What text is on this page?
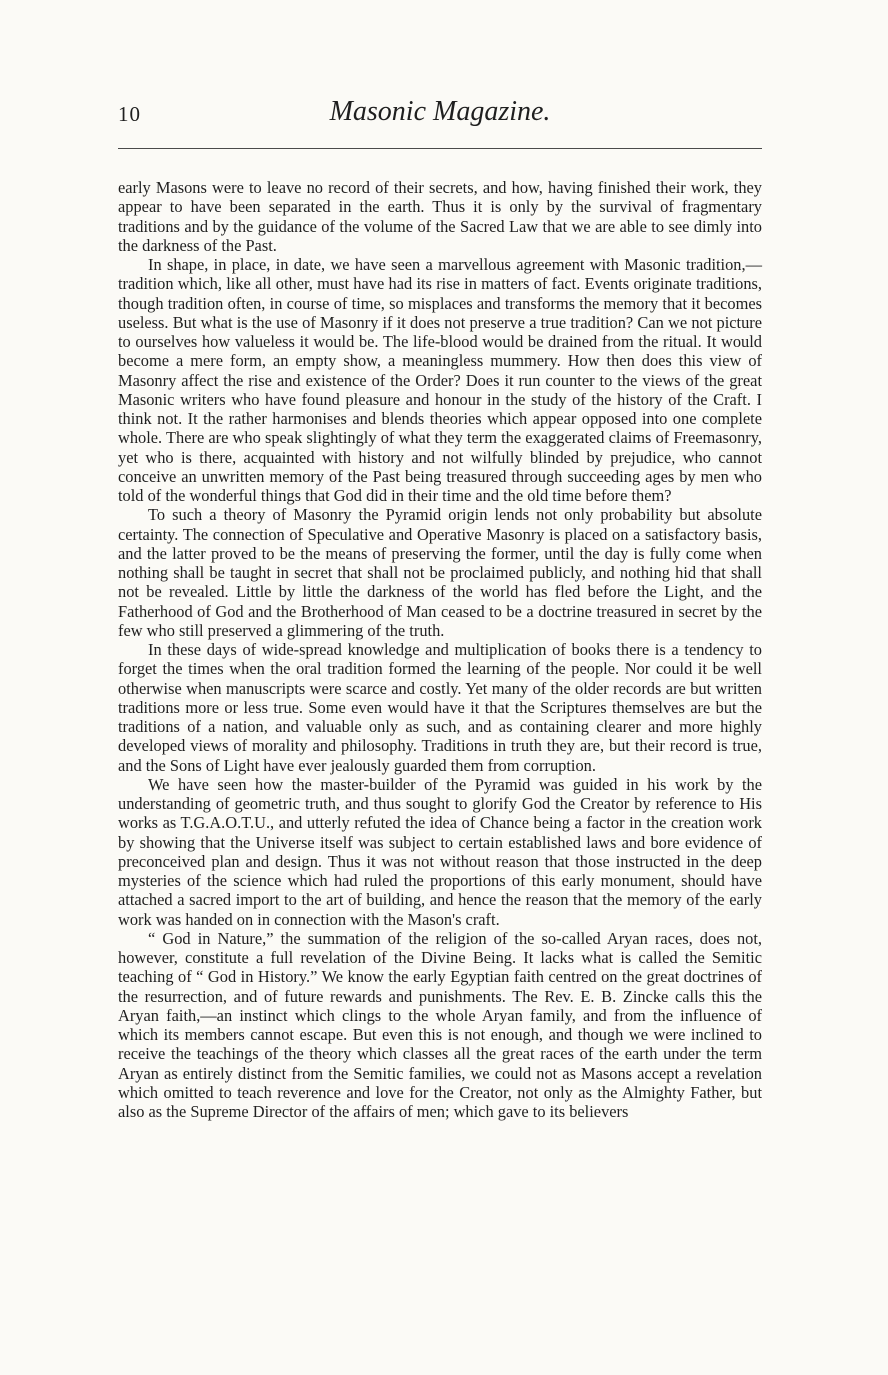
10	Masonic Magazine.

early Masons were to leave no record of their secrets, and how, having finished their work, they appear to have been separated in the earth. Thus it is only by the survival of fragmentary traditions and by the guidance of the volume of the Sacred Law that we are able to see dimly into the darkness of the Past.

In shape, in place, in date, we have seen a marvellous agreement with Masonic tradition,—tradition which, like all other, must have had its rise in matters of fact. Events originate traditions, though tradition often, in course of time, so misplaces and transforms the memory that it becomes useless. But what is the use of Masonry if it does not preserve a true tradition? Can we not picture to ourselves how valueless it would be. The life-blood would be drained from the ritual. It would become a mere form, an empty show, a meaningless mummery. How then does this view of Masonry affect the rise and existence of the Order? Does it run counter to the views of the great Masonic writers who have found pleasure and honour in the study of the history of the Craft. I think not. It the rather harmonises and blends theories which appear opposed into one complete whole. There are who speak slightingly of what they term the exaggerated claims of Freemasonry, yet who is there, acquainted with history and not wilfully blinded by prejudice, who cannot conceive an unwritten memory of the Past being treasured through succeeding ages by men who told of the wonderful things that God did in their time and the old time before them?

To such a theory of Masonry the Pyramid origin lends not only probability but absolute certainty. The connection of Speculative and Operative Masonry is placed on a satisfactory basis, and the latter proved to be the means of preserving the former, until the day is fully come when nothing shall be taught in secret that shall not be proclaimed publicly, and nothing hid that shall not be revealed. Little by little the darkness of the world has fled before the Light, and the Fatherhood of God and the Brotherhood of Man ceased to be a doctrine treasured in secret by the few who still preserved a glimmering of the truth.

In these days of wide-spread knowledge and multiplication of books there is a tendency to forget the times when the oral tradition formed the learning of the people. Nor could it be well otherwise when manuscripts were scarce and costly. Yet many of the older records are but written traditions more or less true. Some even would have it that the Scriptures themselves are but the traditions of a nation, and valuable only as such, and as containing clearer and more highly developed views of morality and philosophy. Traditions in truth they are, but their record is true, and the Sons of Light have ever jealously guarded them from corruption.

We have seen how the master-builder of the Pyramid was guided in his work by the understanding of geometric truth, and thus sought to glorify God the Creator by reference to His works as T.G.A.O.T.U., and utterly refuted the idea of Chance being a factor in the creation work by showing that the Universe itself was subject to certain established laws and bore evidence of preconceived plan and design. Thus it was not without reason that those instructed in the deep mysteries of the science which had ruled the proportions of this early monument, should have attached a sacred import to the art of building, and hence the reason that the memory of the early work was handed on in connection with the Mason's craft.

“ God in Nature,” the summation of the religion of the so-called Aryan races, does not, however, constitute a full revelation of the Divine Being. It lacks what is called the Semitic teaching of “ God in History.” We know the early Egyptian faith centred on the great doctrines of the resurrection, and of future rewards and punishments. The Rev. E. B. Zincke calls this the Aryan faith,—an instinct which clings to the whole Aryan family, and from the influence of which its members cannot escape. But even this is not enough, and though we were inclined to receive the teachings of the theory which classes all the great races of the earth under the term Aryan as entirely distinct from the Semitic families, we could not as Masons accept a revelation which omitted to teach reverence and love for the Creator, not only as the Almighty Father, but also as the Supreme Director of the affairs of men; which gave to its believers
